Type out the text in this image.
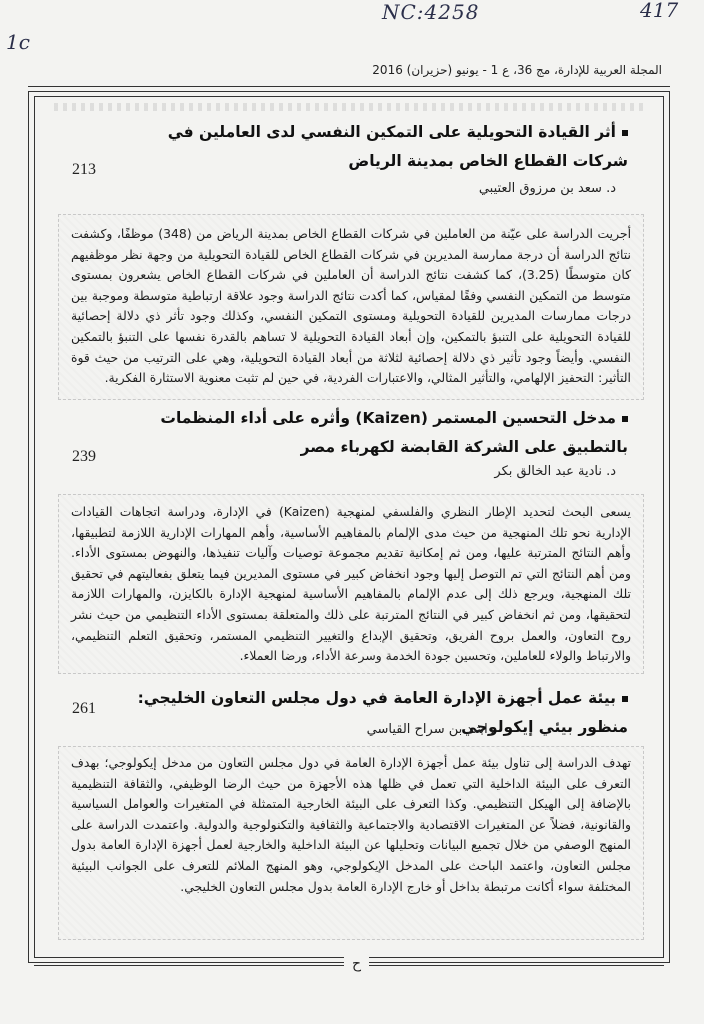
NC:4258	417
1c
المجلة العربية للإدارة، مج 36، ع 1 - يونيو (حزيران) 2016
أثر القيادة التحويلية على التمكين النفسي لدى العاملين في شركات القطاع الخاص بمدينة الرياض
213
د. سعد بن مرزوق العتيبي

أجريت الدراسة على عيّنة من العاملين في شركات القطاع الخاص بمدينة الرياض من (348) موظفًا، وكشفت نتائج الدراسة أن درجة ممارسة المديرين في شركات القطاع الخاص للقيادة التحويلية من وجهة نظر موظفيهم كان متوسطًا (3.25)، كما كشفت نتائج الدراسة أن العاملين في شركات القطاع الخاص يشعرون بمستوى متوسط من التمكين النفسي وفقًا لمقياس، كما أكدت نتائج الدراسة وجود علاقة ارتباطية متوسطة وموجبة بين درجات ممارسات المديرين للقيادة التحويلية ومستوى التمكين النفسي، وكذلك وجود تأثر ذي دلالة إحصائية للقيادة التحويلية على التنبؤ بالتمكين، وإن أبعاد القيادة التحويلية لا تساهم بالقدرة نفسها على التنبؤ بالتمكين النفسي. وأيضاً وجود تأثير ذي دلالة إحصائية لثلاثة من أبعاد القيادة التحويلية، وهي على الترتيب من حيث قوة التأثير: التحفيز الإلهامي، والتأثير المثالي، والاعتبارات الفردية، في حين لم تثبت معنوية الاستثارة الفكرية.

مدخل التحسين المستمر (Kaizen) وأثره على أداء المنظمات بالتطبيق على الشركة القابضة لكهرباء مصر
239
د. نادية عبد الخالق بكر

يسعى البحث لتحديد الإطار النظري والفلسفي لمنهجية (Kaizen) في الإدارة، ودراسة اتجاهات القيادات الإدارية نحو تلك المنهجية من حيث مدى الإلمام بالمفاهيم الأساسية، وأهم المهارات الإدارية اللازمة لتطبيقها، وأهم النتائج المترتبة عليها، ومن ثم إمكانية تقديم مجموعة توصيات وآليات تنفيذها، والنهوض بمستوى الأداء. ومن أهم النتائج التي تم التوصل إليها وجود انخفاض كبير في مستوى المديرين فيما يتعلق بفعاليتهم في تحقيق تلك المنهجية، ويرجع ذلك إلى عدم الإلمام بالمفاهيم الأساسية لمنهجية الإدارة بالكايزن، والمهارات اللازمة لتحقيقها، ومن ثم انخفاض كبير في النتائج المترتبة على ذلك والمتعلقة بمستوى الأداء التنظيمي من حيث نشر روح التعاون، والعمل بروح الفريق، وتحقيق الإبداع والتغيير التنظيمي المستمر، وتحقيق التعلم التنظيمي، والارتباط والولاء للعاملين، وتحسين جودة الخدمة وسرعة الأداء، ورضا العملاء.

بيئة عمل أجهزة الإدارة العامة في دول مجلس التعاون الخليجي: منظور بيئي إيكولوجي
261
راشد بن سراح القياسي

تهدف الدراسة إلى تناول بيئة عمل أجهزة الإدارة العامة في دول مجلس التعاون من مدخل إيكولوجي؛ بهدف التعرف على البيئة الداخلية التي تعمل في ظلها هذه الأجهزة من حيث الرضا الوظيفي، والثقافة التنظيمية بالإضافة إلى الهيكل التنظيمي. وكذا التعرف على البيئة الخارجية المتمثلة في المتغيرات والعوامل السياسية والقانونية، فضلاً عن المتغيرات الاقتصادية والاجتماعية والثقافية والتكنولوجية والدولية. واعتمدت الدراسة على المنهج الوصفي من خلال تجميع البيانات وتحليلها عن البيئة الداخلية والخارجية لعمل أجهزة الإدارة العامة بدول مجلس التعاون، واعتمد الباحث على المدخل الإيكولوجي، وهو المنهج الملائم للتعرف على الجوانب البيئية المختلفة سواء أكانت مرتبطة بداخل أو خارج الإدارة العامة بدول مجلس التعاون الخليجي.

ح
